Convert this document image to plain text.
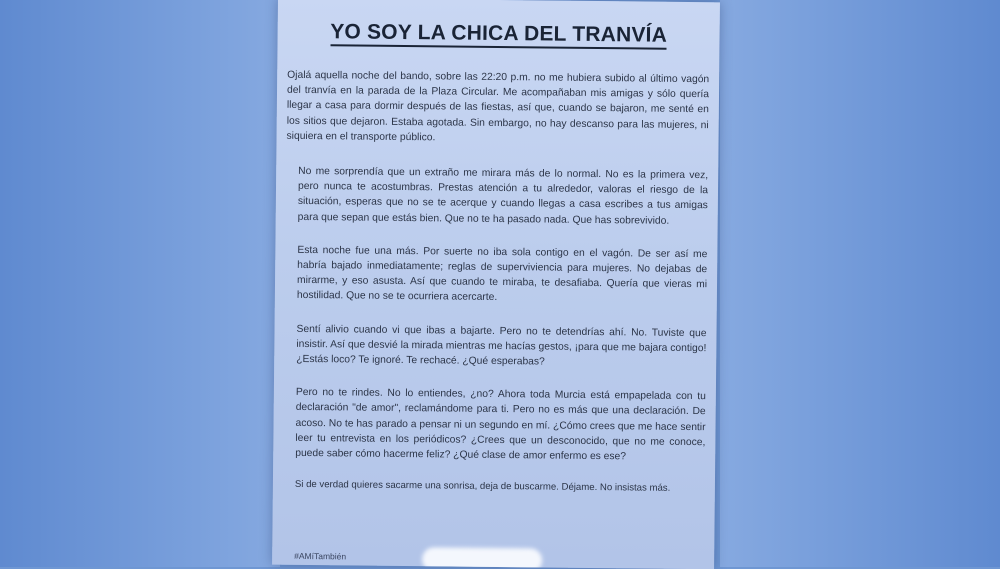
YO SOY LA CHICA DEL TRANVÍA

Ojalá aquella noche del bando, sobre las 22:20 p.m. no me hubiera subido al último vagón del tranvía en la parada de la Plaza Circular. Me acompañaban mis amigas y sólo quería llegar a casa para dormir después de las fiestas, así que, cuando se bajaron, me senté en los sitios que dejaron. Estaba agotada. Sin embargo, no hay descanso para las mujeres, ni siquiera en el transporte público.

No me sorprendía que un extraño me mirara más de lo normal. No es la primera vez, pero nunca te acostumbras. Prestas atención a tu alrededor, valoras el riesgo de la situación, esperas que no se te acerque y cuando llegas a casa escribes a tus amigas para que sepan que estás bien. Que no te ha pasado nada. Que has sobrevivido.

Esta noche fue una más. Por suerte no iba sola contigo en el vagón. De ser así me habría bajado inmediatamente; reglas de superviviencia para mujeres. No dejabas de mirarme, y eso asusta. Así que cuando te miraba, te desafiaba. Quería que vieras mi hostilidad. Que no se te ocurriera acercarte.

Sentí alivio cuando vi que ibas a bajarte. Pero no te detendrías ahí. No. Tuviste que insistir. Así que desvié la mirada mientras me hacías gestos, ¡para que me bajara contigo! ¿Estás loco? Te ignoré. Te rechacé. ¿Qué esperabas?

Pero no te rindes. No lo entiendes, ¿no? Ahora toda Murcia está empapelada con tu declaración "de amor", reclamándome para ti. Pero no es más que una declaración. De acoso. No te has parado a pensar ni un segundo en mí. ¿Cómo crees que me hace sentir leer tu entrevista en los periódicos? ¿Crees que un desconocido, que no me conoce, puede saber cómo hacerme feliz? ¿Qué clase de amor enfermo es ese?

Si de verdad quieres sacarme una sonrisa, deja de buscarme. Déjame. No insistas más.

#AMíTambién
